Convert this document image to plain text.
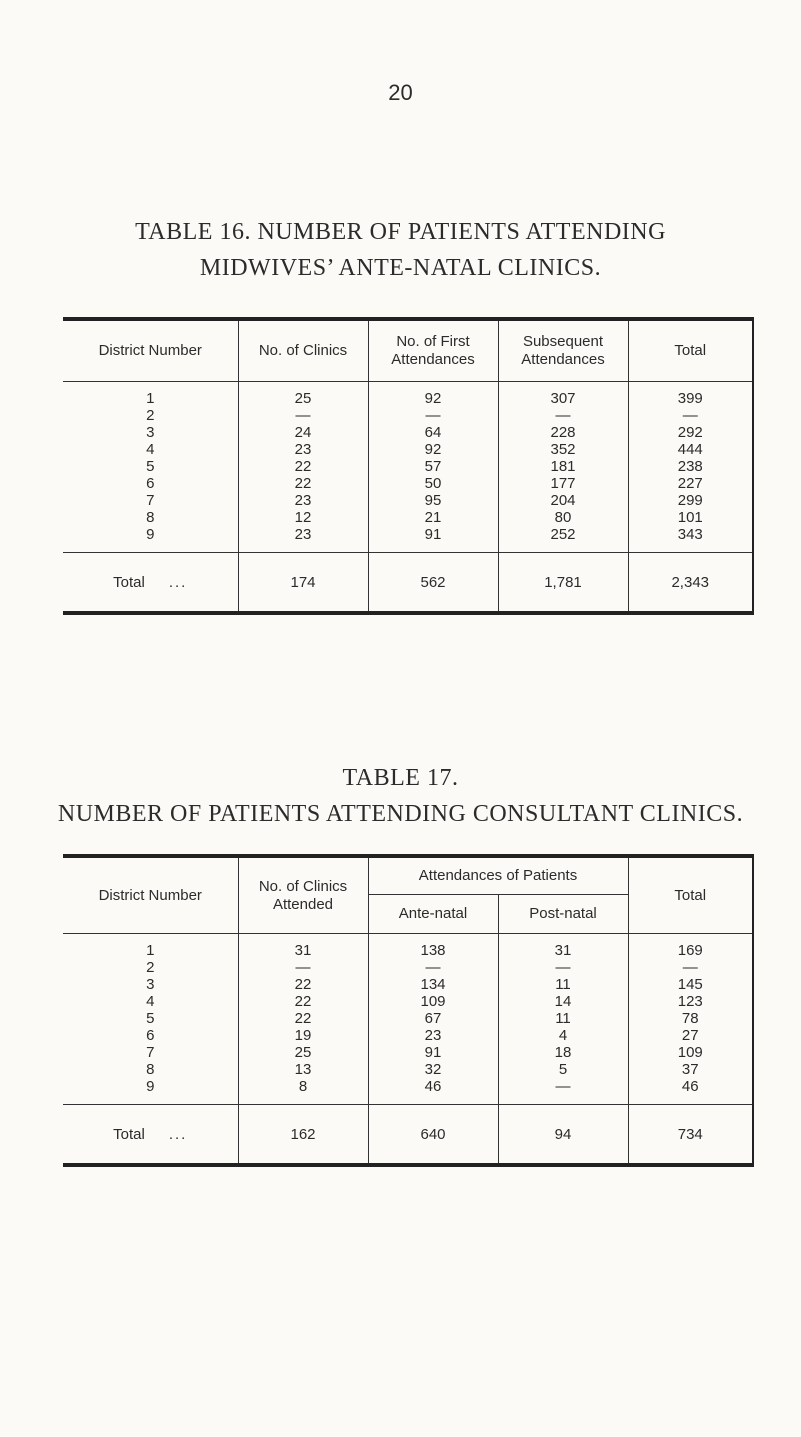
20
TABLE 16. NUMBER OF PATIENTS ATTENDING
MIDWIVES’ ANTE-NATAL CLINICS.
District Number	No. of Clinics	No. of First Attendances	Subsequent Attendances	Total
1	25	92	307	399
2	—	—	—	—
3	24	64	228	292
4	23	92	352	444
5	22	57	181	238
6	22	50	177	227
7	23	95	204	299
8	12	21	80	101
9	23	91	252	343
Total ...	174	562	1,781	2,343
TABLE 17.
NUMBER OF PATIENTS ATTENDING CONSULTANT CLINICS.
District Number	No. of Clinics Attended	Attendances of Patients		Total
		Ante-natal	Post-natal	
1	31	138	31	169
2	—	—	—	—
3	22	134	11	145
4	22	109	14	123
5	22	67	11	78
6	19	23	4	27
7	25	91	18	109
8	13	32	5	37
9	8	46	—	46
Total ...	162	640	94	734
